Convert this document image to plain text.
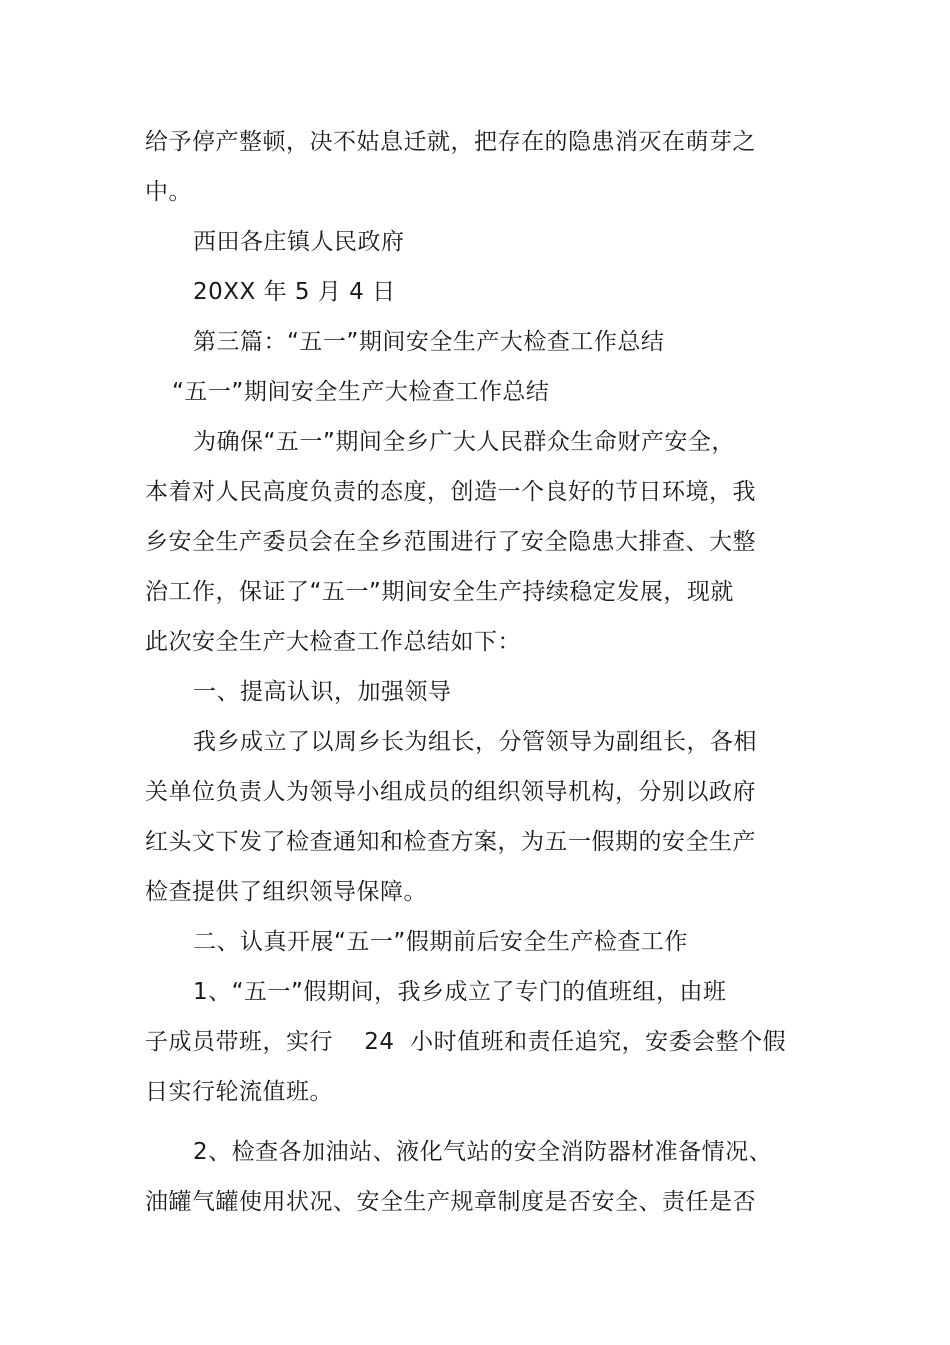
给予停产整顿，决不姑息迁就，把存在的隐患消灭在萌芽之
中。
西田各庄镇人民政府
20XX 年 5 月 4 日
第三篇：“五一”期间安全生产大检查工作总结
“五一”期间安全生产大检查工作总结
为确保“五一”期间全乡广大人民群众生命财产安全，
本着对人民高度负责的态度，创造一个良好的节日环境，我
乡安全生产委员会在全乡范围进行了安全隐患大排查、大整
治工作，保证了“五一”期间安全生产持续稳定发展，现就
此次安全生产大检查工作总结如下：
一、提高认识，加强领导
我乡成立了以周乡长为组长，分管领导为副组长，各相
关单位负责人为领导小组成员的组织领导机构，分别以政府
红头文下发了检查通知和检查方案，为五一假期的安全生产
检查提供了组织领导保障。
二、认真开展“五一”假期前后安全生产检查工作
1、“五一”假期间，我乡成立了专门的值班组，由班
子成员带班，实行    24  小时值班和责任追究，安委会整个假
日实行轮流值班。
2、检查各加油站、液化气站的安全消防器材准备情况、
油罐气罐使用状况、安全生产规章制度是否安全、责任是否
